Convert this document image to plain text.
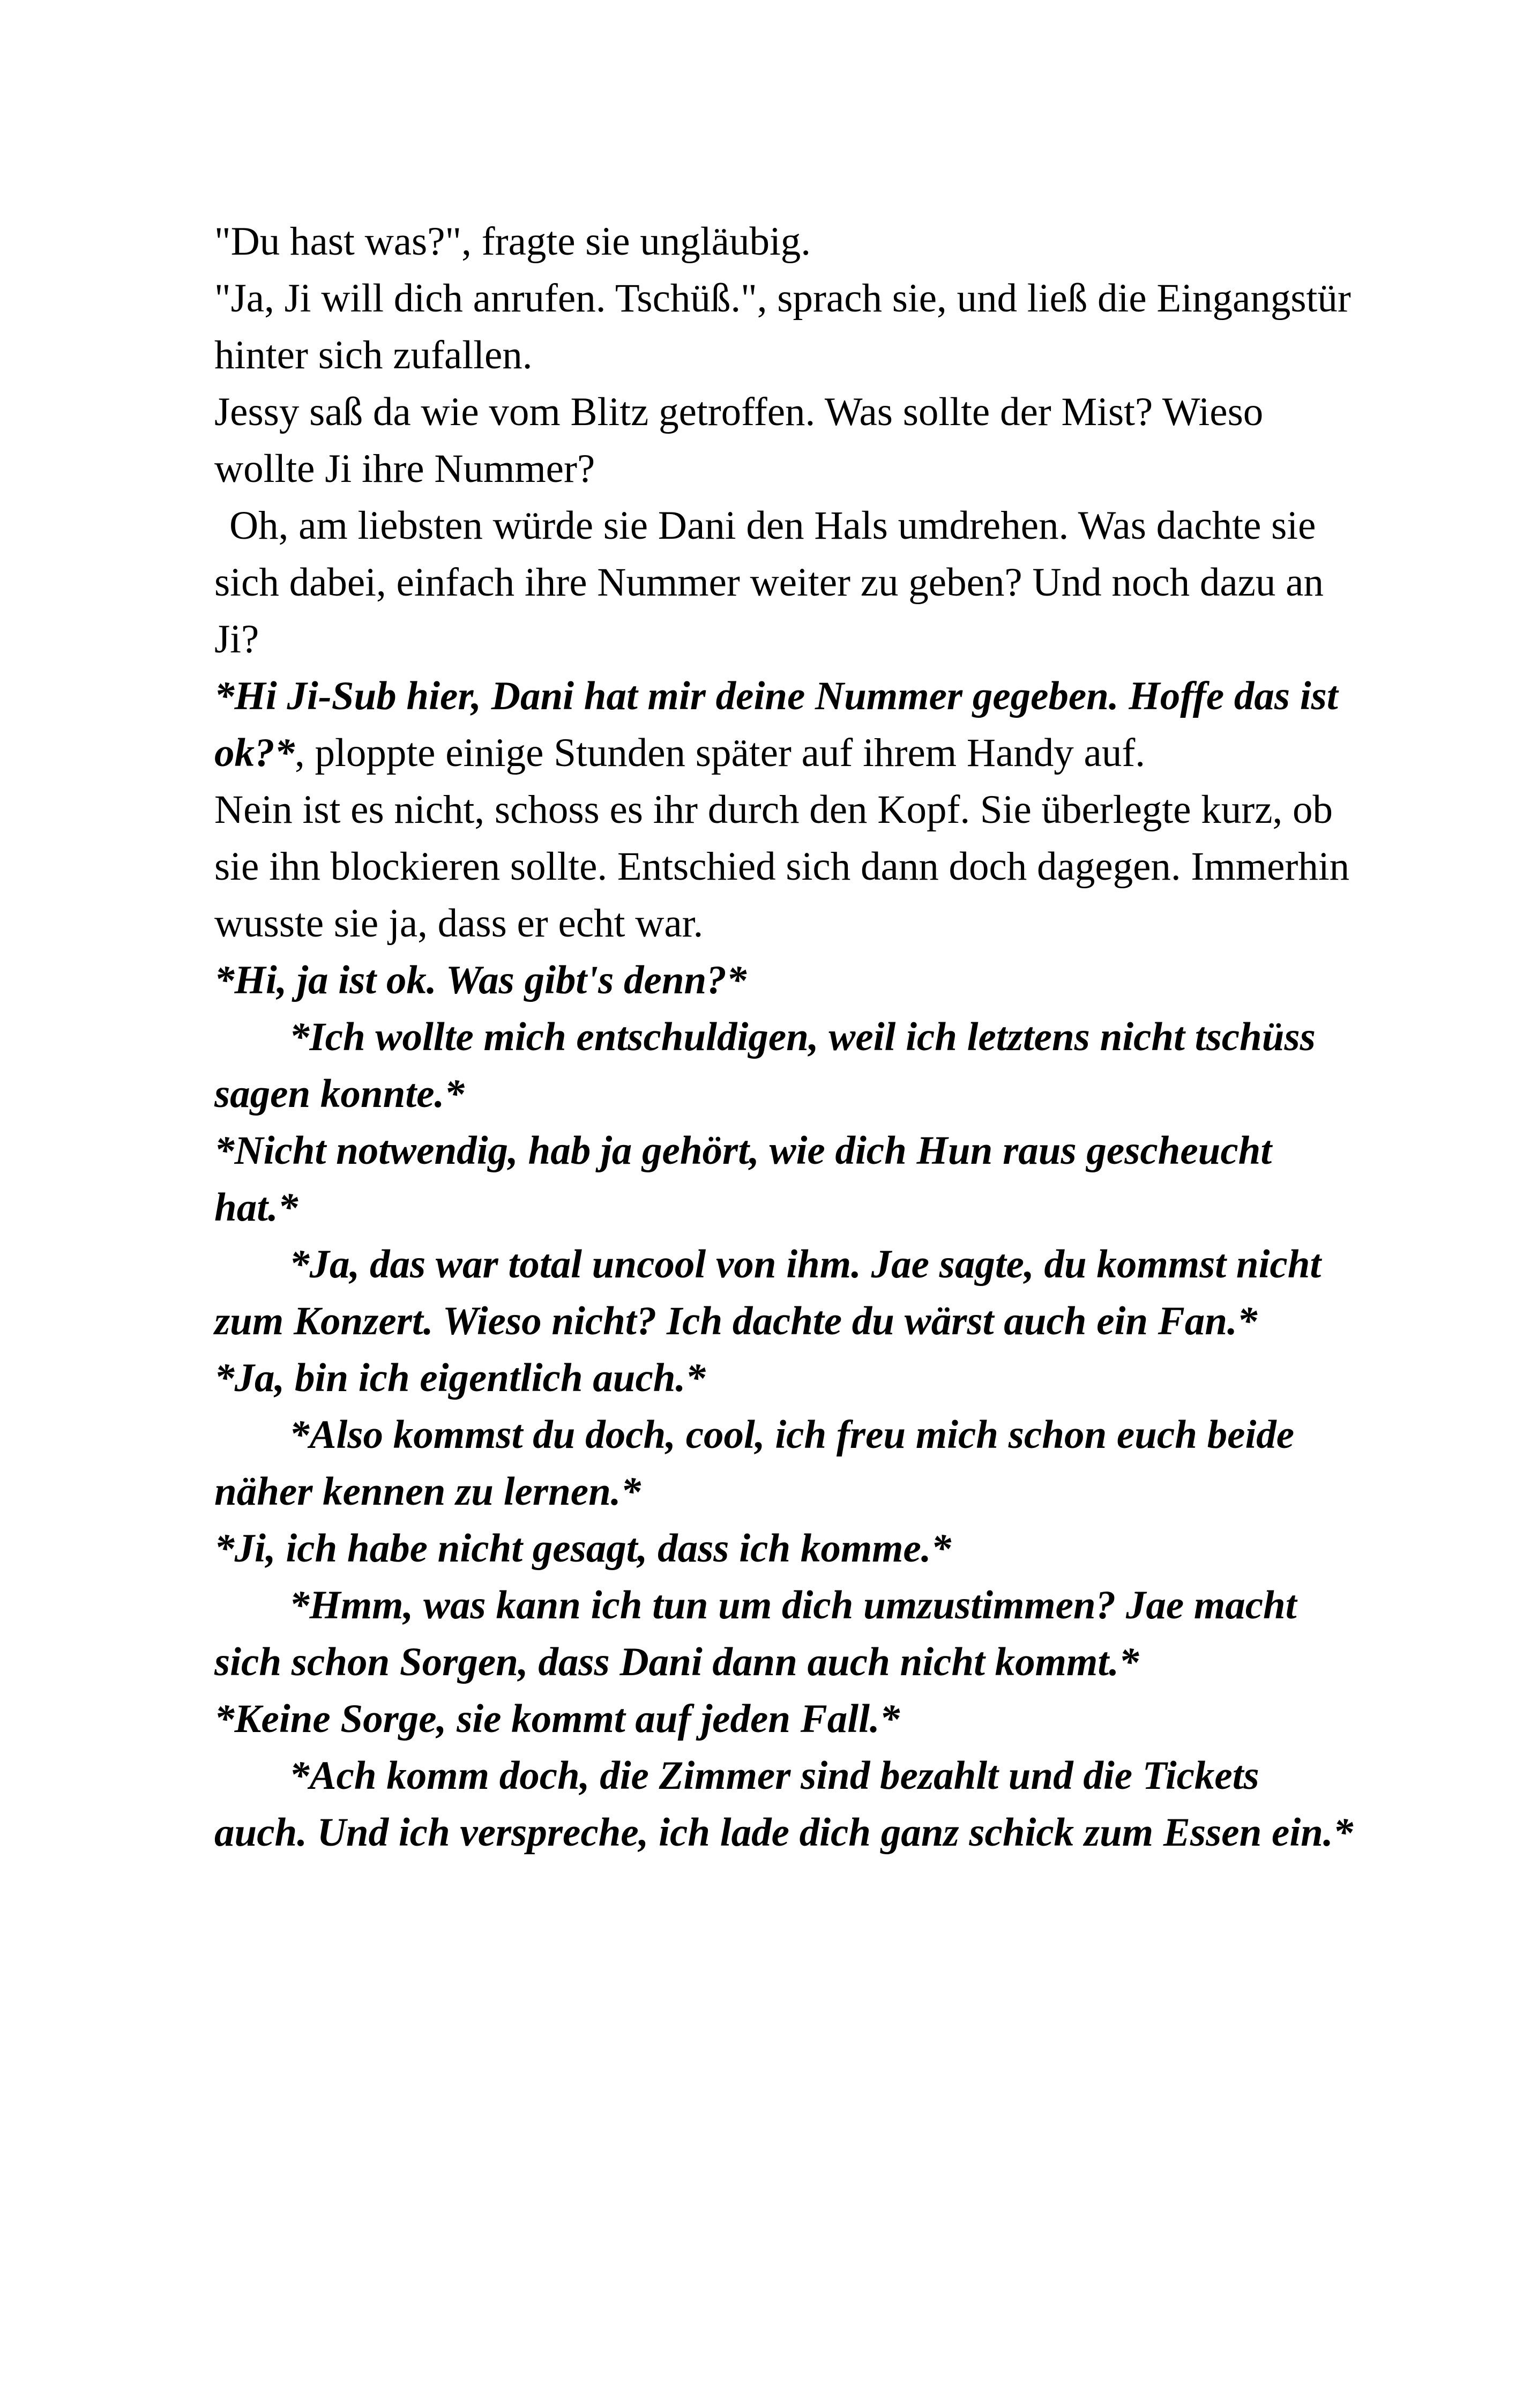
"Du hast was?", fragte sie ungläubig.

"Ja, Ji will dich anrufen. Tschüß.", sprach sie, und ließ die Eingangstür hinter sich zufallen.

Jessy saß da wie vom Blitz getroffen. Was sollte der Mist? Wieso wollte Ji ihre Nummer?

Oh, am liebsten würde sie Dani den Hals umdrehen. Was dachte sie sich dabei, einfach ihre Nummer weiter zu geben? Und noch dazu an Ji?

*Hi Ji-Sub hier, Dani hat mir deine Nummer gegeben. Hoffe das ist ok?*, ploppte einige Stunden später auf ihrem Handy auf.

Nein ist es nicht, schoss es ihr durch den Kopf. Sie überlegte kurz, ob sie ihn blockieren sollte. Entschied sich dann doch dagegen. Immerhin wusste sie ja, dass er echt war.

*Hi, ja ist ok. Was gibt's denn?*

*Ich wollte mich entschuldigen, weil ich letztens nicht tschüss sagen konnte.*

*Nicht notwendig, hab ja gehört, wie dich Hun raus gescheucht hat.*

*Ja, das war total uncool von ihm. Jae sagte, du kommst nicht zum Konzert. Wieso nicht? Ich dachte du wärst auch ein Fan.*

*Ja, bin ich eigentlich auch.*

*Also kommst du doch, cool, ich freu mich schon euch beide näher kennen zu lernen.*

*Ji, ich habe nicht gesagt, dass ich komme.*

*Hmm, was kann ich tun um dich umzustimmen? Jae macht sich schon Sorgen, dass Dani dann auch nicht kommt.*

*Keine Sorge, sie kommt auf jeden Fall.*

*Ach komm doch, die Zimmer sind bezahlt und die Tickets auch. Und ich verspreche, ich lade dich ganz schick zum Essen ein.*
